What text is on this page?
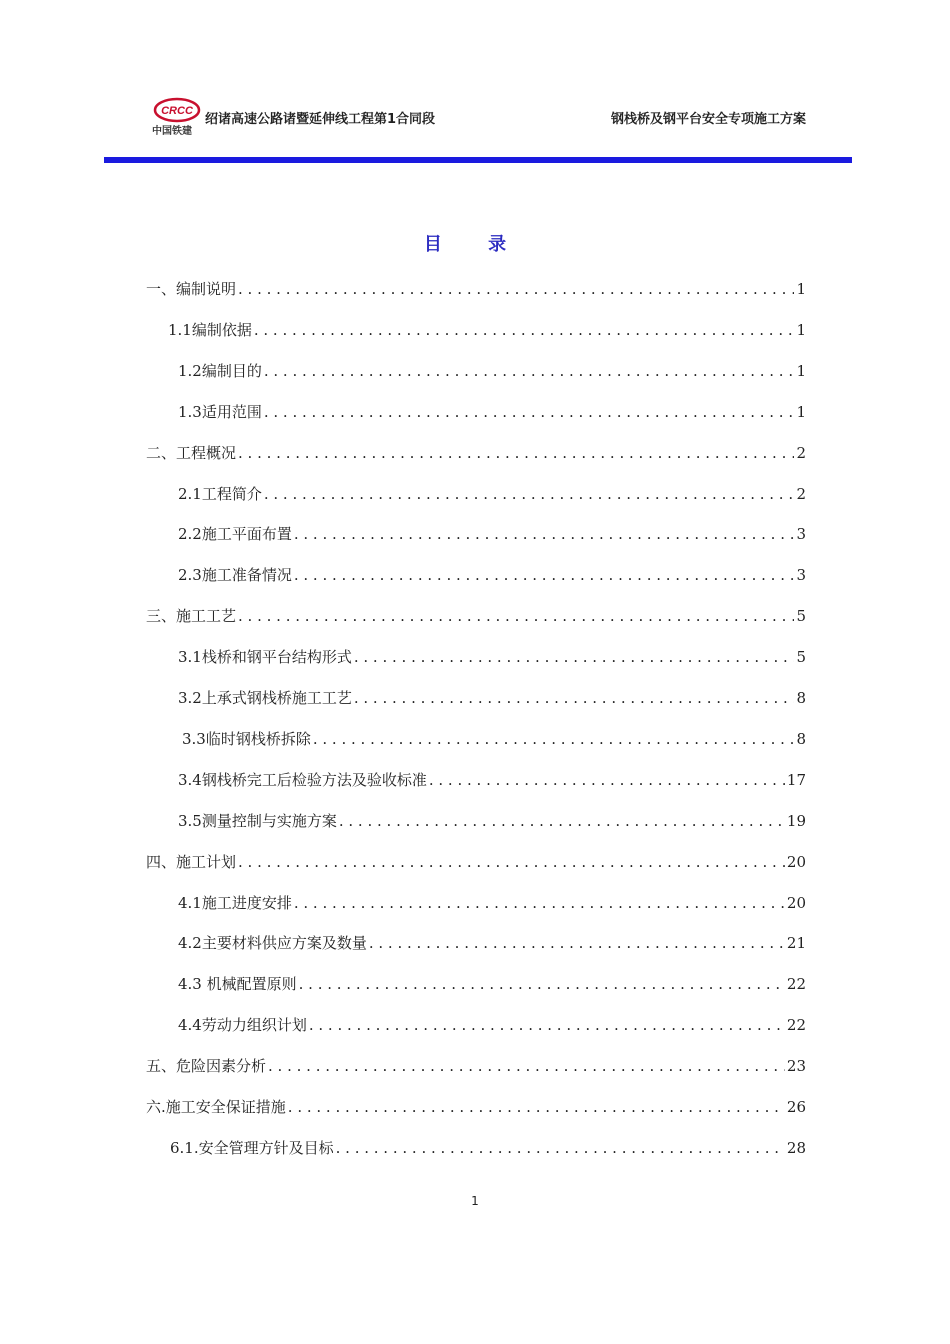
CRCC
中国铁建
绍诸高速公路诸暨延伸线工程第1合同段	钢栈桥及钢平台安全专项施工方案
目 录
一、编制说明 . . .	1
1.1编制依据 . . .	1
1.2编制目的 . . .	1
1.3适用范围 . . .	1
二、工程概况 . . .	2
2.1工程简介 . . .	2
2.2施工平面布置 . . .	3
2.3施工准备情况 . . .	3
三、施工工艺 . . .	5
3.1栈桥和钢平台结构形式 . . .	5
3.2上承式钢栈桥施工工艺 . . .	8
3.3临时钢栈桥拆除 . . .	8
3.4钢栈桥完工后检验方法及验收标准 . . .	17
3.5测量控制与实施方案 . . .	19
四、施工计划 . . .	20
4.1施工进度安排 . . .	20
4.2主要材料供应方案及数量 . . .	21
4.3 机械配置原则 . . .	22
4.4劳动力组织计划 . . .	22
五、危险因素分析 . . .	23
六.施工安全保证措施 . . .	26
6.1.安全管理方针及目标 . . .	28
1
